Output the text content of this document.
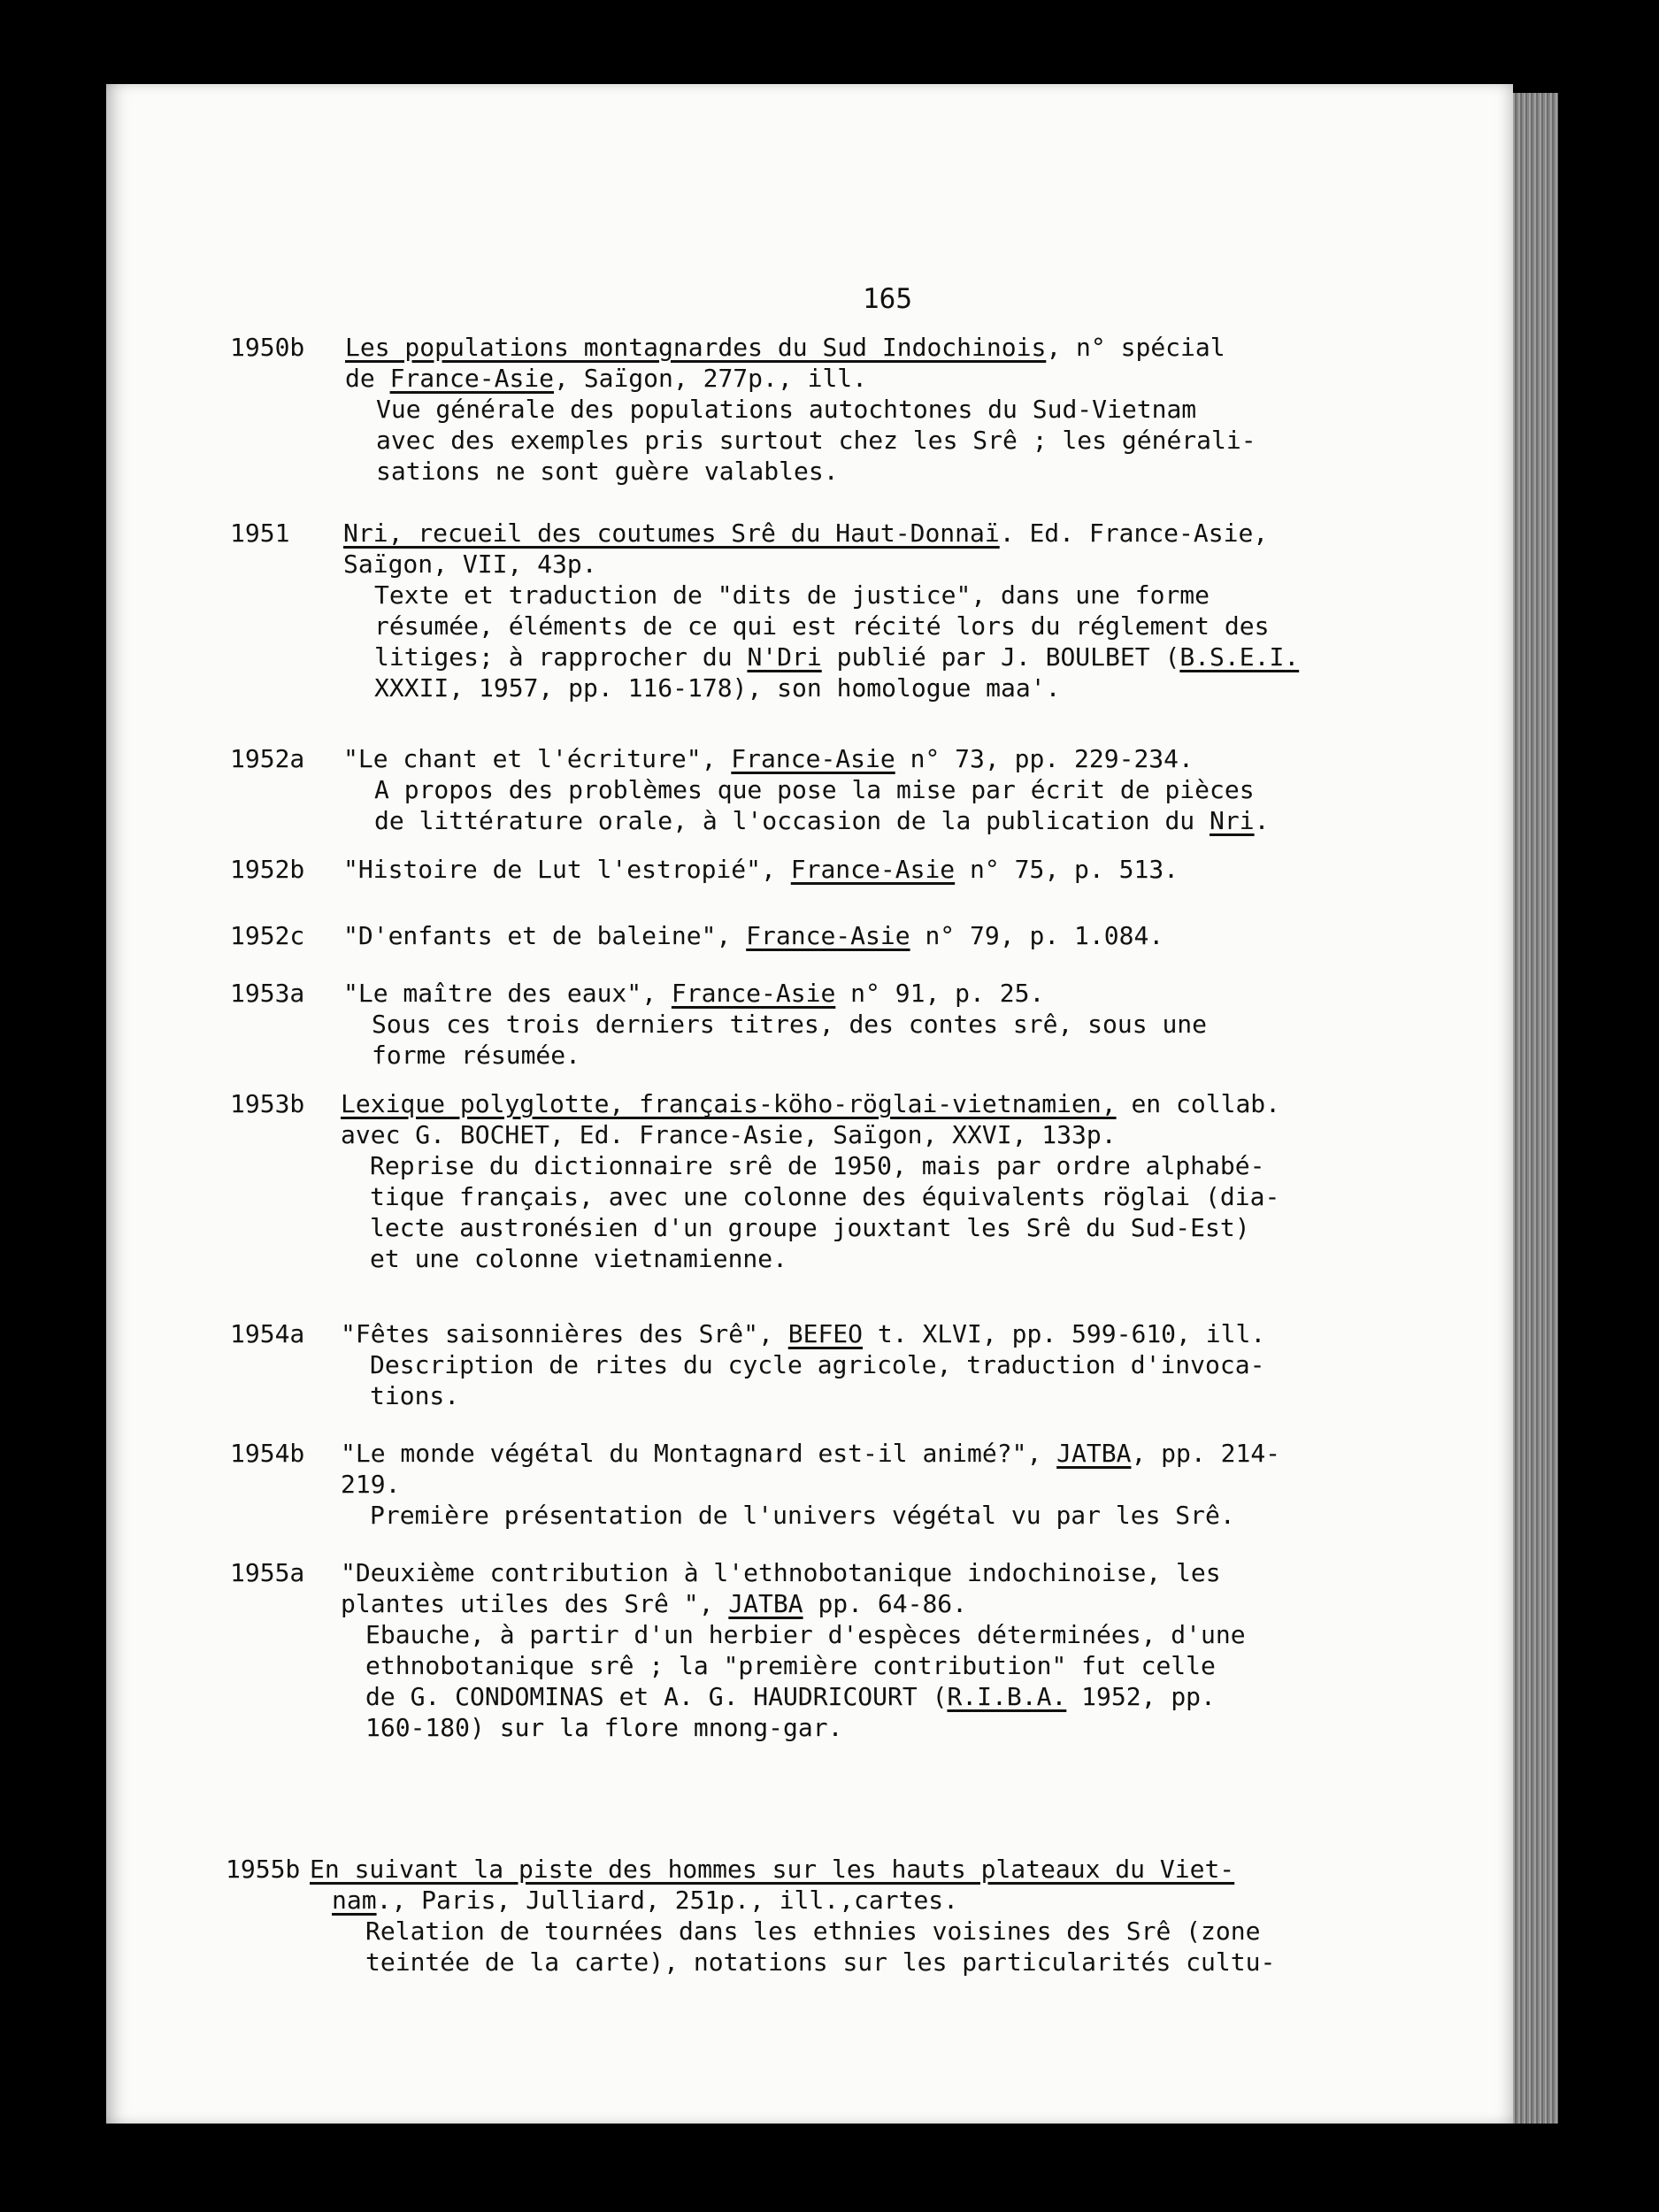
165
1950b Les populations montagnardes du Sud Indochinois, n° spécial
de France-Asie, Saïgon, 277p., ill.
Vue générale des populations autochtones du Sud-Vietnam
avec des exemples pris surtout chez les Srê ; les générali-
sations ne sont guère valables.
1951 Nri, recueil des coutumes Srê du Haut-Donnaï. Ed. France-Asie,
Saïgon, VII, 43p.
Texte et traduction de "dits de justice", dans une forme
résumée, éléments de ce qui est récité lors du réglement des
litiges; à rapprocher du N'Dri publié par J. BOULBET (B.S.E.I.
XXXII, 1957, pp. 116-178), son homologue maa'.
1952a "Le chant et l'écriture", France-Asie n° 73, pp. 229-234.
A propos des problèmes que pose la mise par écrit de pièces
de littérature orale, à l'occasion de la publication du Nri.
1952b "Histoire de Lut l'estropié", France-Asie n° 75, p. 513.
1952c "D'enfants et de baleine", France-Asie n° 79, p. 1.084.
1953a "Le maître des eaux", France-Asie n° 91, p. 25.
Sous ces trois derniers titres, des contes srê, sous une
forme résumée.
1953b Lexique polyglotte, français-köho-röglai-vietnamien, en collab.
avec G. BOCHET, Ed. France-Asie, Saïgon, XXVI, 133p.
Reprise du dictionnaire srê de 1950, mais par ordre alphabé-
tique français, avec une colonne des équivalents röglai (dia-
lecte austronésien d'un groupe jouxtant les Srê du Sud-Est)
et une colonne vietnamienne.
1954a "Fêtes saisonnières des Srê", BEFEO t. XLVI, pp. 599-610, ill.
Description de rites du cycle agricole, traduction d'invoca-
tions.
1954b "Le monde végétal du Montagnard est-il animé?", JATBA, pp. 214-
219.
Première présentation de l'univers végétal vu par les Srê.
1955a "Deuxième contribution à l'ethnobotanique indochinoise, les
plantes utiles des Srê ", JATBA pp. 64-86.
Ebauche, à partir d'un herbier d'espèces déterminées, d'une
ethnobotanique srê ; la "première contribution" fut celle
de G. CONDOMINAS et A. G. HAUDRICOURT (R.I.B.A. 1952, pp.
160-180) sur la flore mnong-gar.
1955b En suivant la piste des hommes sur les hauts plateaux du Viet-
nam., Paris, Julliard, 251p., ill.,cartes.
Relation de tournées dans les ethnies voisines des Srê (zone
teintée de la carte), notations sur les particularités cultu-
